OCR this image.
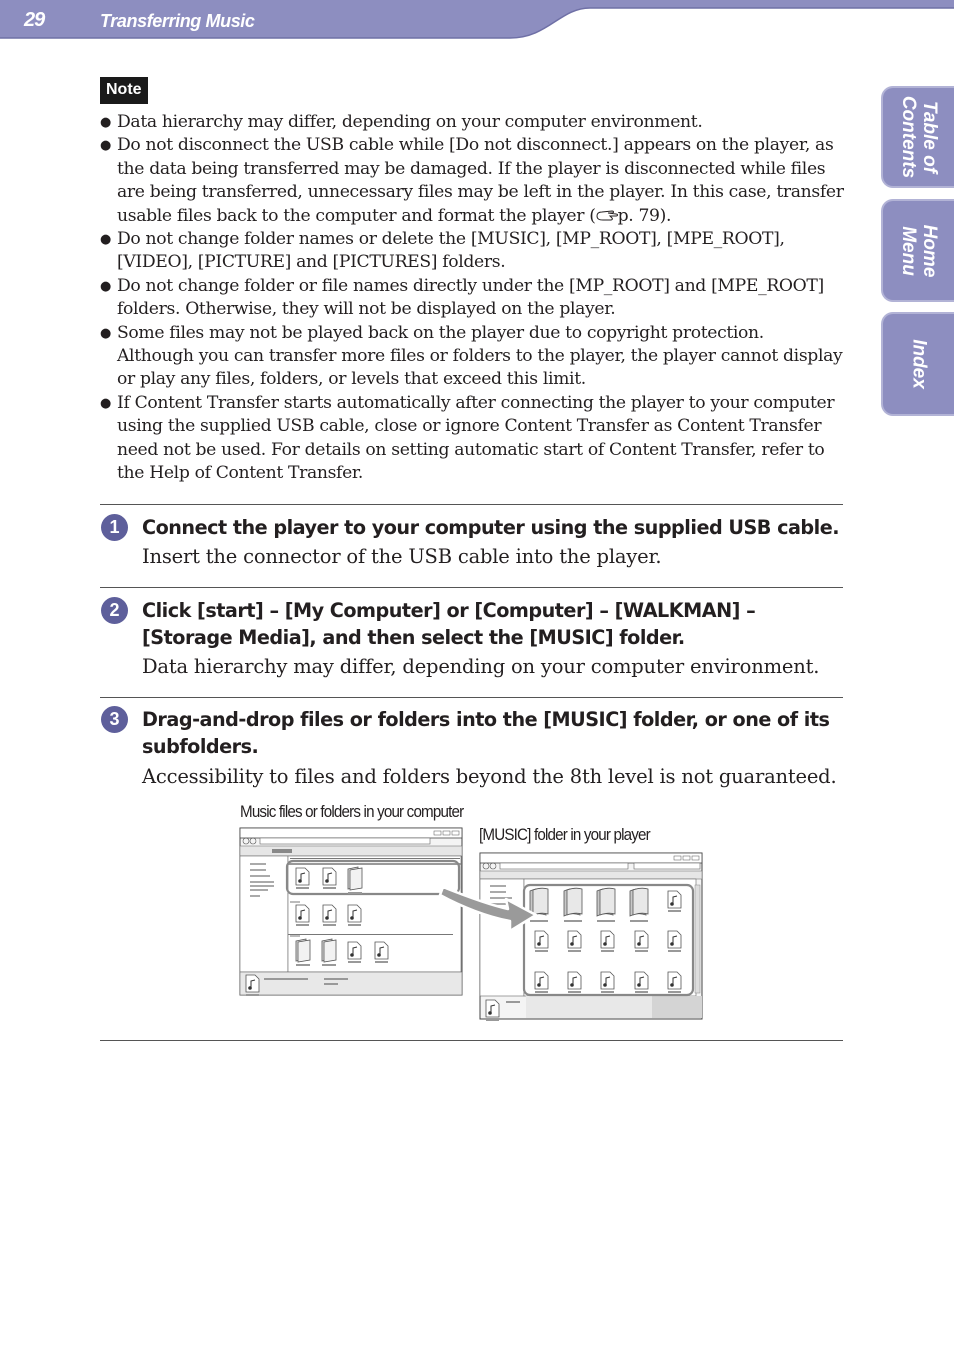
29	Transferring Music
Table of
Contents
Home
Menu
Index
Note
● Data hierarchy may differ, depending on your computer environment.
● Do not disconnect the USB cable while [Do not disconnect.] appears on the player, as the data being transferred may be damaged. If the player is disconnected while files are being transferred, unnecessary files may be left in the player. In this case, transfer usable files back to the computer and format the player ( p. 79).
● Do not change folder names or delete the [MUSIC], [MP_ROOT], [MPE_ROOT], [VIDEO], [PICTURE] and [PICTURES] folders.
● Do not change folder or file names directly under the [MP_ROOT] and [MPE_ROOT] folders. Otherwise, they will not be displayed on the player.
● Some files may not be played back on the player due to copyright protection. Although you can transfer more files or folders to the player, the player cannot display or play any files, folders, or levels that exceed this limit.
● If Content Transfer starts automatically after connecting the player to your computer using the supplied USB cable, close or ignore Content Transfer as Content Transfer need not be used. For details on setting automatic start of Content Transfer, refer to the Help of Content Transfer.
1	Connect the player to your computer using the supplied USB cable.
Insert the connector of the USB cable into the player.
2	Click [start] – [My Computer] or [Computer] – [WALKMAN] – [Storage Media], and then select the [MUSIC] folder.
Data hierarchy may differ, depending on your computer environment.
3	Drag-and-drop files or folders into the [MUSIC] folder, or one of its subfolders.
Accessibility to files and folders beyond the 8th level is not guaranteed.
Music files or folders in your computer
[MUSIC] folder in your player
